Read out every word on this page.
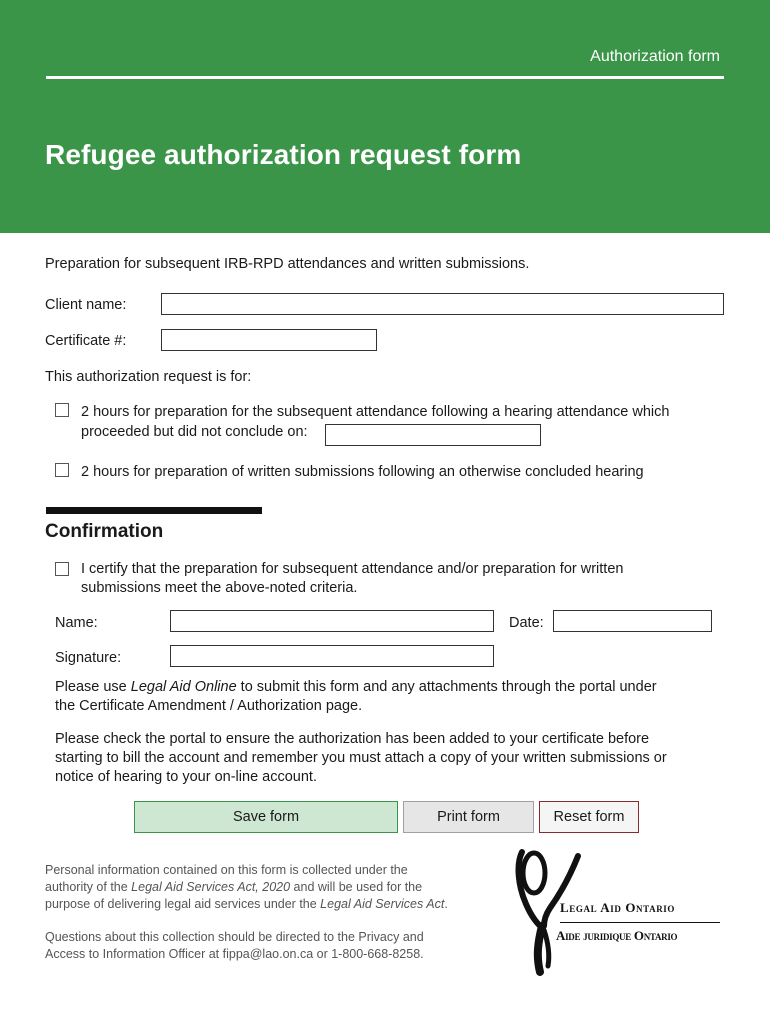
Authorization form
Refugee authorization request form
Preparation for subsequent IRB-RPD attendances and written submissions.
Client name:
Certificate #:
This authorization request is for:
2 hours for preparation for the subsequent attendance following a hearing attendance which
proceeded but did not conclude on:
2 hours for preparation of written submissions following an otherwise concluded hearing
Confirmation
I certify that the preparation for subsequent attendance and/or preparation for written
submissions meet the above-noted criteria.
Name:	Date:
Signature:
Please use Legal Aid Online to submit this form and any attachments through the portal under
the Certificate Amendment / Authorization page.
Please check the portal to ensure the authorization has been added to your certificate before
starting to bill the account and remember you must attach a copy of your written submissions or
notice of hearing to your on-line account.
Save form	Print form	Reset form
Personal information contained on this form is collected under the
authority of the Legal Aid Services Act, 2020 and will be used for the
purpose of delivering legal aid services under the Legal Aid Services Act.
Questions about this collection should be directed to the Privacy and
Access to Information Officer at fippa@lao.on.ca or 1-800-668-8258.
Legal Aid Ontario
Aide juridique Ontario
